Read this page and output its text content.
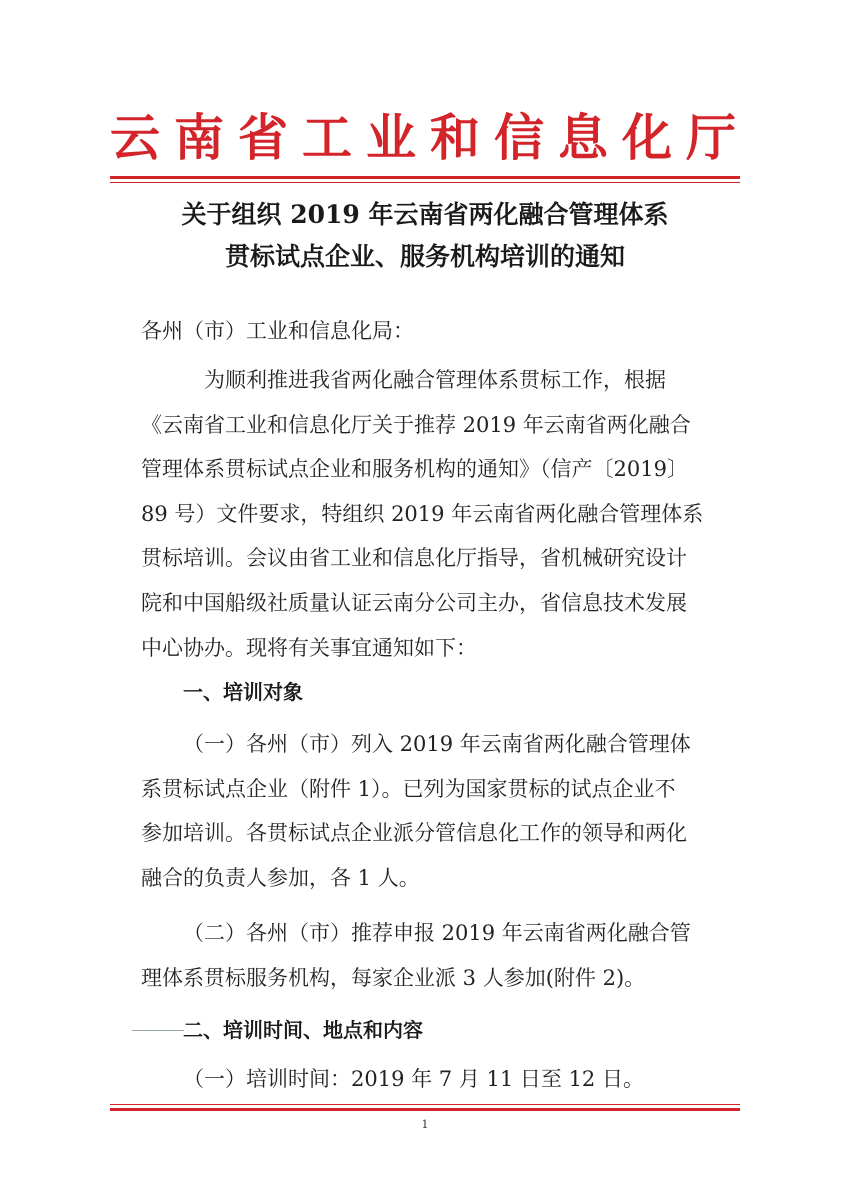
云南省工业和信息化厅
关于组织 2019 年云南省两化融合管理体系
贯标试点企业、服务机构培训的通知
各州（市）工业和信息化局：
为顺利推进我省两化融合管理体系贯标工作，根据
《云南省工业和信息化厅关于推荐 2019 年云南省两化融合
管理体系贯标试点企业和服务机构的通知》（信产〔2019〕
89 号）文件要求，特组织 2019 年云南省两化融合管理体系
贯标培训。会议由省工业和信息化厅指导，省机械研究设计
院和中国船级社质量认证云南分公司主办，省信息技术发展
中心协办。现将有关事宜通知如下：
一、培训对象
（一）各州（市）列入 2019 年云南省两化融合管理体
系贯标试点企业（附件 1）。已列为国家贯标的试点企业不
参加培训。各贯标试点企业派分管信息化工作的领导和两化
融合的负责人参加，各 1 人。
（二）各州（市）推荐申报 2019 年云南省两化融合管
理体系贯标服务机构，每家企业派 3 人参加(附件 2)。
二、培训时间、地点和内容
（一）培训时间：2019 年 7 月 11 日至 12 日。
1
